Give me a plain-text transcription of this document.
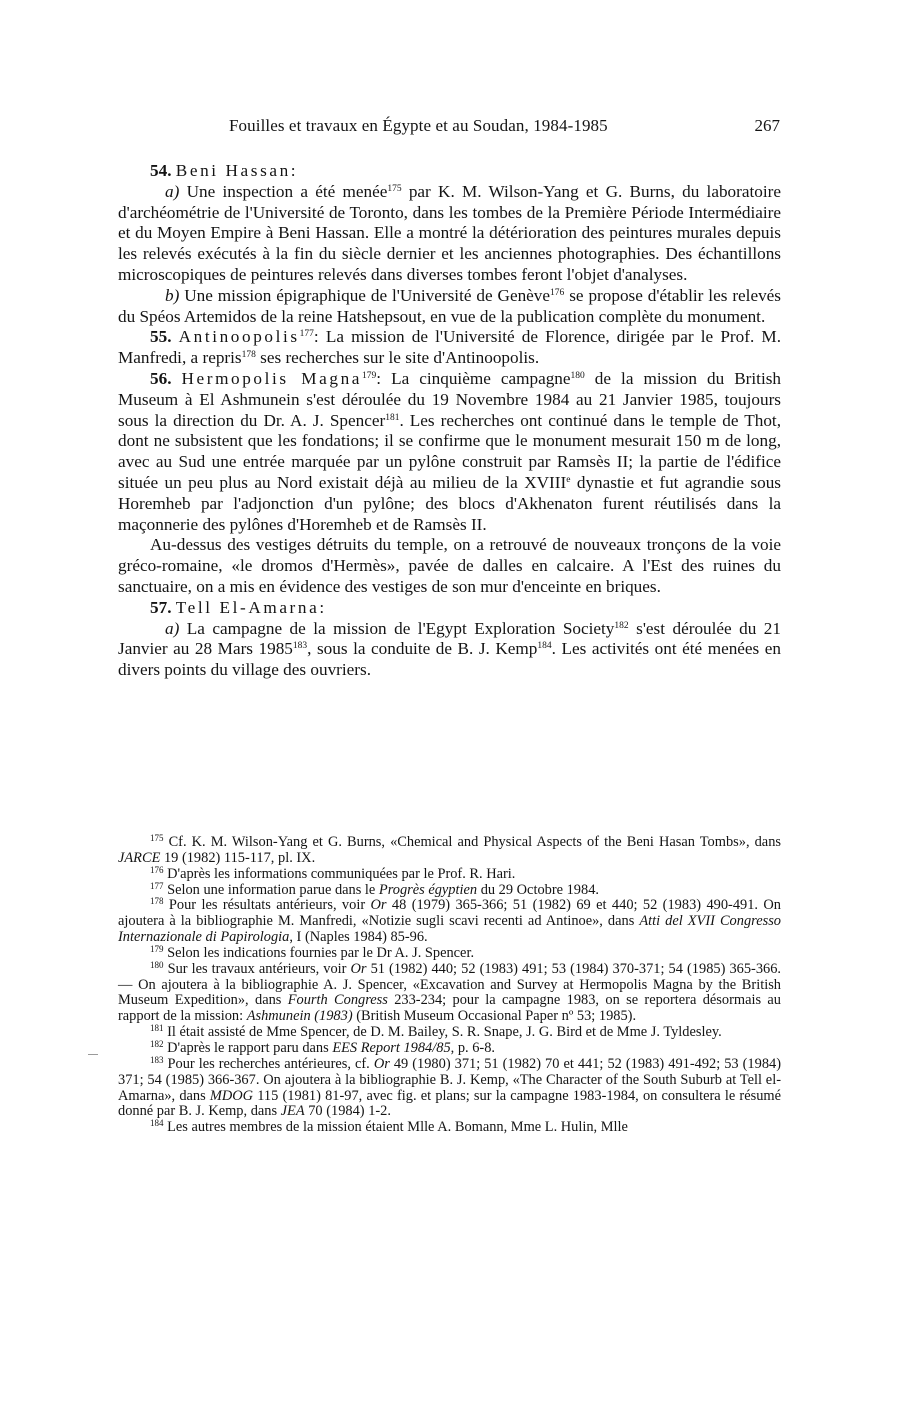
Fouilles et travaux en Égypte et au Soudan, 1984-1985	267

54. Beni Hassan:

a) Une inspection a été menée$^{175}$ par K. M. Wilson-Yang et G. Burns, du laboratoire d'archéométrie de l'Université de Toronto, dans les tombes de la Première Période Intermédiaire et du Moyen Empire à Beni Hassan. Elle a montré la détérioration des peintures murales depuis les relevés exécutés à la fin du siècle dernier et les anciennes photographies. Des échantillons microscopiques de peintures relevés dans diverses tombes feront l'objet d'analyses.

b) Une mission épigraphique de l'Université de Genève$^{176}$ se propose d'établir les relevés du Spéos Artemidos de la reine Hatshepsout, en vue de la publication complète du monument.

55. Antinoopolis$^{177}$: La mission de l'Université de Florence, dirigée par le Prof. M. Manfredi, a repris$^{178}$ ses recherches sur le site d'Antinoopolis.

56. Hermopolis Magna$^{179}$: La cinquième campagne$^{180}$ de la mission du British Museum à El Ashmunein s'est déroulée du 19 Novembre 1984 au 21 Janvier 1985, toujours sous la direction du Dr. A. J. Spencer$^{181}$. Les recherches ont continué dans le temple de Thot, dont ne subsistent que les fondations; il se confirme que le monument mesurait 150 m de long, avec au Sud une entrée marquée par un pylône construit par Ramsès II; la partie de l'édifice située un peu plus au Nord existait déjà au milieu de la XVIIIe dynastie et fut agrandie sous Horemheb par l'adjonction d'un pylône; des blocs d'Akhenaton furent réutilisés dans la maçonnerie des pylônes d'Horemheb et de Ramsès II.

Au-dessus des vestiges détruits du temple, on a retrouvé de nouveaux tronçons de la voie gréco-romaine, «le dromos d'Hermès», pavée de dalles en calcaire. A l'Est des ruines du sanctuaire, on a mis en évidence des vestiges de son mur d'enceinte en briques.

57. Tell El-Amarna:

a) La campagne de la mission de l'Egypt Exploration Society$^{182}$ s'est déroulée du 21 Janvier au 28 Mars 1985$^{183}$, sous la conduite de B. J. Kemp$^{184}$. Les activités ont été menées en divers points du village des ouvriers.

$^{175}$ Cf. K. M. Wilson-Yang et G. Burns, «Chemical and Physical Aspects of the Beni Hasan Tombs», dans JARCE 19 (1982) 115-117, pl. IX.

$^{176}$ D'après les informations communiquées par le Prof. R. Hari.

$^{177}$ Selon une information parue dans le Progrès égyptien du 29 Octobre 1984.

$^{178}$ Pour les résultats antérieurs, voir Or 48 (1979) 365-366; 51 (1982) 69 et 440; 52 (1983) 490-491. On ajoutera à la bibliographie M. Manfredi, «Notizie sugli scavi recenti ad Antinoe», dans Atti del XVII Congresso Internazionale di Papirologia, I (Naples 1984) 85-96.

$^{179}$ Selon les indications fournies par le Dr A. J. Spencer.

$^{180}$ Sur les travaux antérieurs, voir Or 51 (1982) 440; 52 (1983) 491; 53 (1984) 370-371; 54 (1985) 365-366. — On ajoutera à la bibliographie A. J. Spencer, «Excavation and Survey at Hermopolis Magna by the British Museum Expedition», dans Fourth Congress 233-234; pour la campagne 1983, on se reportera désormais au rapport de la mission: Ashmunein (1983) (British Museum Occasional Paper nº 53; 1985).

$^{181}$ Il était assisté de Mme Spencer, de D. M. Bailey, S. R. Snape, J. G. Bird et de Mme J. Tyldesley.

$^{182}$ D'après le rapport paru dans EES Report 1984/85, p. 6-8.

$^{183}$ Pour les recherches antérieures, cf. Or 49 (1980) 371; 51 (1982) 70 et 441; 52 (1983) 491-492; 53 (1984) 371; 54 (1985) 366-367. On ajoutera à la bibliographie B. J. Kemp, «The Character of the South Suburb at Tell el-Amarna», dans MDOG 115 (1981) 81-97, avec fig. et plans; sur la campagne 1983-1984, on consultera le résumé donné par B. J. Kemp, dans JEA 70 (1984) 1-2.

$^{184}$ Les autres membres de la mission étaient Mlle A. Bomann, Mme L. Hulin, Mlle
